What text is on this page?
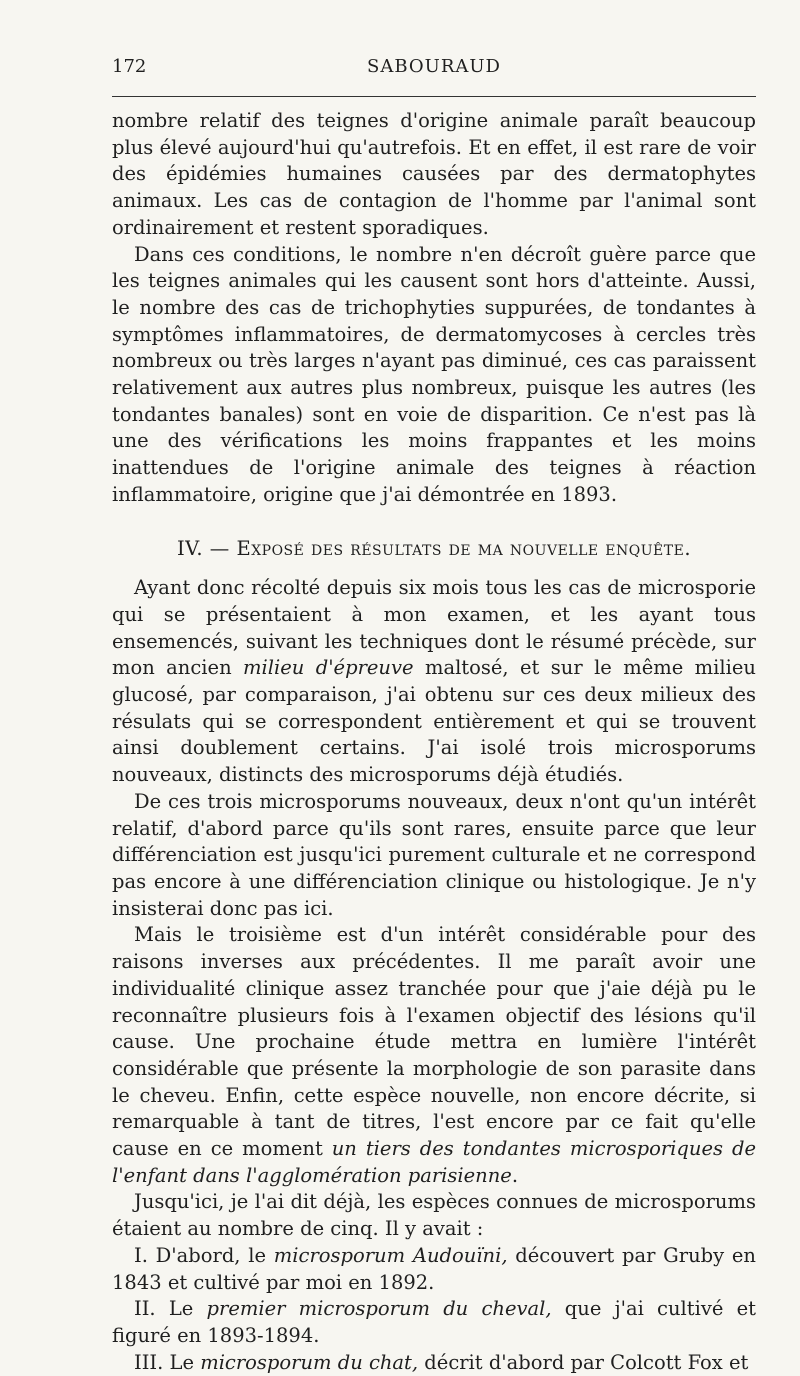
172	SABOURAUD

nombre relatif des teignes d'origine animale paraît beaucoup plus élevé aujourd'hui qu'autrefois. Et en effet, il est rare de voir des épidémies humaines causées par des dermatophytes animaux. Les cas de contagion de l'homme par l'animal sont ordinairement et restent sporadiques.

Dans ces conditions, le nombre n'en décroît guère parce que les teignes animales qui les causent sont hors d'atteinte. Aussi, le nombre des cas de trichophyties suppurées, de tondantes à symptômes inflammatoires, de dermatomycoses à cercles très nombreux ou très larges n'ayant pas diminué, ces cas paraissent relativement aux autres plus nombreux, puisque les autres (les tondantes banales) sont en voie de disparition. Ce n'est pas là une des vérifications les moins frappantes et les moins inattendues de l'origine animale des teignes à réaction inflammatoire, origine que j'ai démontrée en 1893.

IV. — Exposé des résultats de ma nouvelle enquête.

Ayant donc récolté depuis six mois tous les cas de microsporie qui se présentaient à mon examen, et les ayant tous ensemencés, suivant les techniques dont le résumé précède, sur mon ancien milieu d'épreuve maltosé, et sur le même milieu glucosé, par comparaison, j'ai obtenu sur ces deux milieux des résulats qui se correspondent entièrement et qui se trouvent ainsi doublement certains. J'ai isolé trois microsporums nouveaux, distincts des microsporums déjà étudiés.

De ces trois microsporums nouveaux, deux n'ont qu'un intérêt relatif, d'abord parce qu'ils sont rares, ensuite parce que leur différenciation est jusqu'ici purement culturale et ne correspond pas encore à une différenciation clinique ou histologique. Je n'y insisterai donc pas ici.

Mais le troisième est d'un intérêt considérable pour des raisons inverses aux précédentes. Il me paraît avoir une individualité clinique assez tranchée pour que j'aie déjà pu le reconnaître plusieurs fois à l'examen objectif des lésions qu'il cause. Une prochaine étude mettra en lumière l'intérêt considérable que présente la morphologie de son parasite dans le cheveu. Enfin, cette espèce nouvelle, non encore décrite, si remarquable à tant de titres, l'est encore par ce fait qu'elle cause en ce moment un tiers des tondantes microsporiques de l'enfant dans l'agglomération parisienne.

Jusqu'ici, je l'ai dit déjà, les espèces connues de microsporums étaient au nombre de cinq. Il y avait :

I. D'abord, le microsporum Audouïni, découvert par Gruby en 1843 et cultivé par moi en 1892.

II. Le premier microsporum du cheval, que j'ai cultivé et figuré en 1893-1894.

III. Le microsporum du chat, décrit d'abord par Colcott Fox et
